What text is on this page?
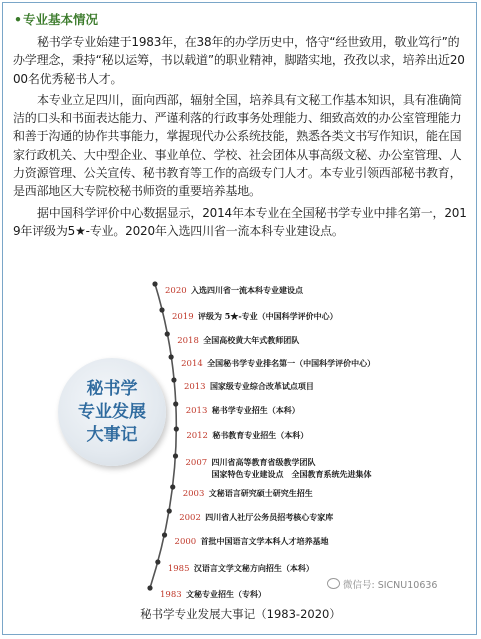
•专业基本情况

秘书学专业始建于1983年，在38年的办学历史中，恪守“经世致用，敬业笃行”的办学理念，秉持“秘以运筹，书以载道”的职业精神，脚踏实地，孜孜以求，培养出近2000名优秀秘书人才。

本专业立足四川，面向西部，辐射全国，培养具有文秘工作基本知识，具有准确简洁的口头和书面表达能力、严谨利落的行政事务处理能力、细致高效的办公室管理能力和善于沟通的协作共事能力，掌握现代办公系统技能，熟悉各类文书写作知识，能在国家行政机关、大中型企业、事业单位、学校、社会团体从事高级文秘、办公室管理、人力资源管理、公关宣传、秘书教育等工作的高级专门人才。本专业引领西部秘书教育，是西部地区大专院校秘书师资的重要培养基地。

据中国科学评价中心数据显示，2014年本专业在全国秘书学专业中排名第一，2019年评级为5★-专业。2020年入选四川省一流本科专业建设点。

秘书学
专业发展
大事记
2020 入选四川省一流本科专业建设点
2019 评级为 5★-专业（中国科学评价中心）
2018 全国高校黄大年式教师团队
2014 全国秘书学专业排名第一（中国科学评价中心）
2013 国家级专业综合改革试点项目
2013 秘书学专业招生（本科）
2012 秘书教育专业招生（本科）
2007 四川省高等教育省级教学团队
国家特色专业建设点　全国教育系统先进集体
2003 文秘语言研究硕士研究生招生
2002 四川省人社厅公务员招考核心专家库
2000 首批中国语言文学本科人才培养基地
1985 汉语言文学文秘方向招生（本科）
1983 文秘专业招生（专科）
微信号: SICNU10636
秘书学专业发展大事记（1983-2020）
